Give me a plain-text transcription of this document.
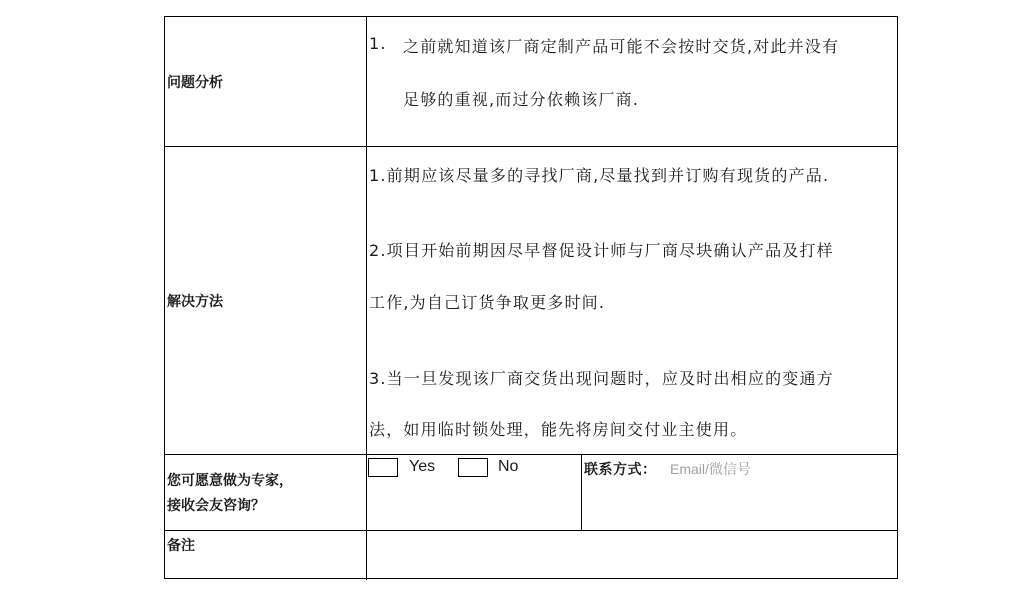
问题分析
1. 之前就知道该厂商定制产品可能不会按时交货,对此并没有
足够的重视,而过分依赖该厂商.
解决方法
1.前期应该尽量多的寻找厂商,尽量找到并订购有现货的产品.
2.项目开始前期因尽早督促设计师与厂商尽块确认产品及打样
工作,为自己订货争取更多时间.
3.当一旦发现该厂商交货出现问题时，应及时出相应的变通方
法，如用临时锁处理，能先将房间交付业主使用。
您可愿意做为专家，
接收会友咨询？
Yes	No	联系方式：
Email/微信号
备注
